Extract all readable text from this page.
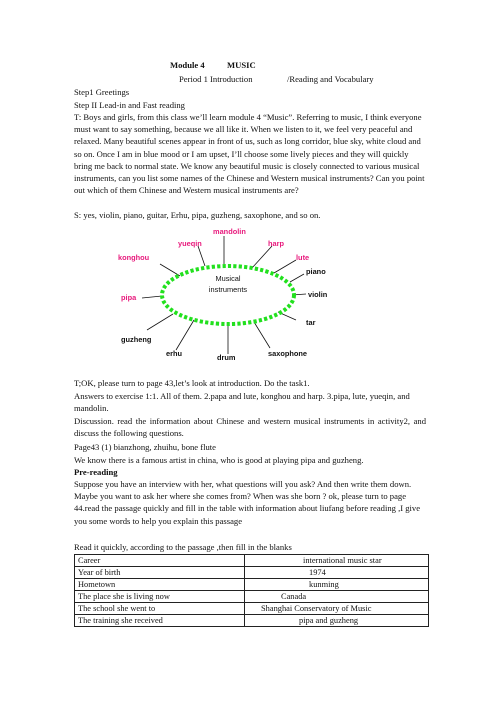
Module 4	MUSIC
Period 1 Introduction	/Reading and Vocabulary
Step1 Greetings
Step II Lead-in and Fast reading
T: Boys and girls, from this class we’ll learn module 4 “Music”. Referring to music, I think everyone must want to say something, because we all like it. When we listen to it, we feel very peaceful and relaxed. Many beautiful scenes appear in front of us, such as long corridor, blue sky, white cloud and so on. Once I am in blue mood or I am upset, I’ll choose some lively pieces and they will quickly bring me back to normal state. We know any beautiful music is closely connected to various musical instruments, can you list some names of the Chinese and Western musical instruments? Can you point out which of them Chinese and Western musical instruments are?
S: yes, violin, piano, guitar, Erhu, pipa, guzheng, saxophone, and so on.
Musical
instruments
mandolin
yueqin	harp
konghou	lute
piano
pipa	violin
tar
guzheng
erhu	drum	saxophone
T;OK, please turn to page 43,let’s look at introduction. Do the task1.
Answers to exercise 1:1. All of them. 2.papa and lute, konghou and harp. 3.pipa, lute, yueqin, and mandolin.
Discussion. read the information about Chinese and western musical instruments in activity2, and discuss the following questions.
Page43 (1) bianzhong, zhuihu, bone flute
We know there is a famous artist in china, who is good at playing pipa and guzheng.
Pre-reading
Suppose you have an interview with her, what questions will you ask? And then write them down. Maybe you want to ask her where she comes from? When was she born ? ok, please turn to page 44.read the passage quickly and fill in the table with information about liufang before reading ,I give you some words to help you explain this passage
Read it quickly, according to the passage ,then fill in the blanks
Career	international music star
Year of birth	1974
Hometown	kunming
The place she is living now	Canada
The school she went to	Shanghai Conservatory of Music
The training she received	pipa and guzheng
